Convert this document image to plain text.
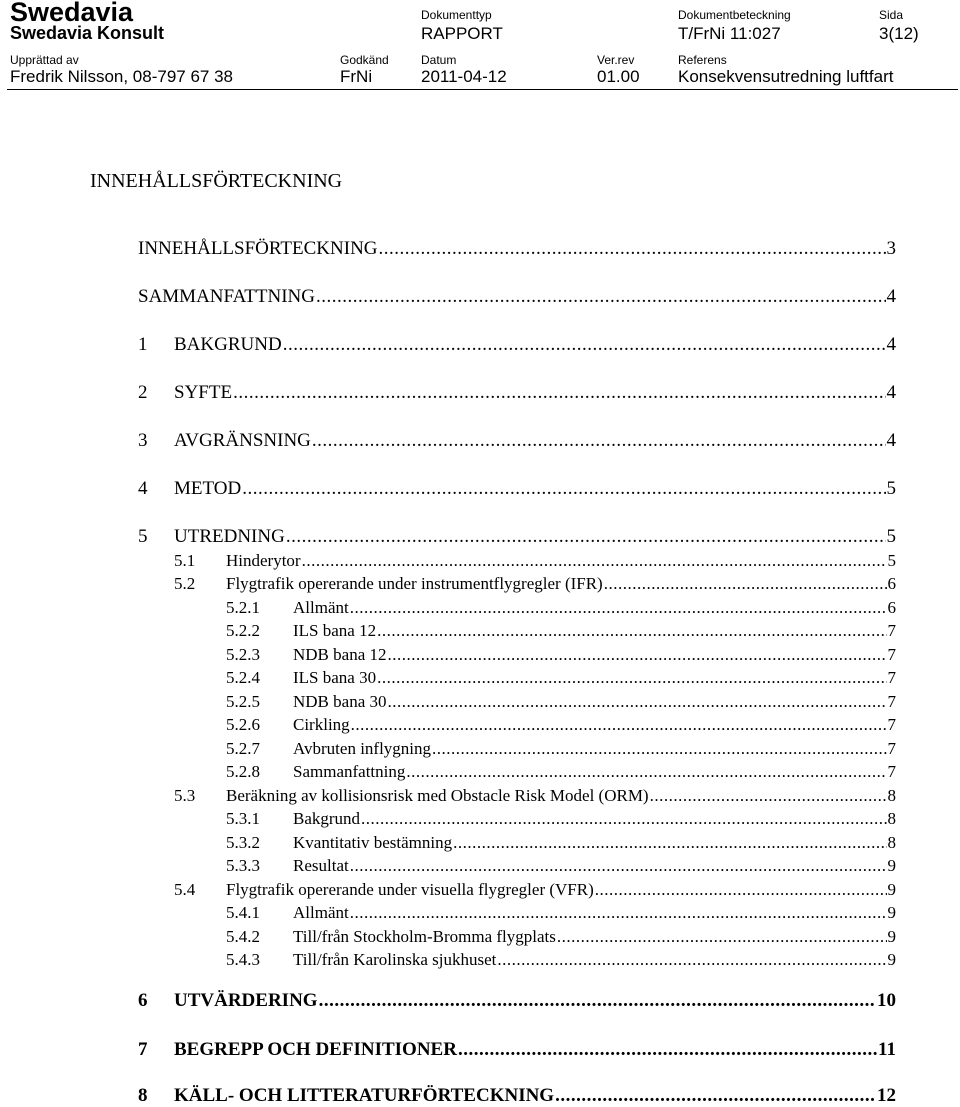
Swedavia
Swedavia Konsult
Dokumenttyp
RAPPORT
Dokumentbeteckning
T/FrNi 11:027
Sida
3(12)
Upprättad av
Fredrik Nilsson, 08-797 67 38
Godkänd
FrNi
Datum
2011-04-12
Ver.rev
01.00
Referens
Konsekvensutredning luftfart
INNEHÅLLSFÖRTECKNING
INNEHÅLLSFÖRTECKNING .....	3
SAMMANFATTNING .....	4
1	BAKGRUND .....	4
2	SYFTE .....	4
3	AVGRÄNSNING .....	4
4	METOD .....	5
5	UTREDNING .....	5
5.1	Hinderytor .....	5
5.2	Flygtrafik opererande under instrumentflygregler (IFR) .....	6
5.2.1	Allmänt .....	6
5.2.2	ILS bana 12 .....	7
5.2.3	NDB bana 12 .....	7
5.2.4	ILS bana 30 .....	7
5.2.5	NDB bana 30 .....	7
5.2.6	Cirkling .....	7
5.2.7	Avbruten inflygning .....	7
5.2.8	Sammanfattning .....	7
5.3	Beräkning av kollisionsrisk med Obstacle Risk Model (ORM) .....	8
5.3.1	Bakgrund .....	8
5.3.2	Kvantitativ bestämning .....	8
5.3.3	Resultat .....	9
5.4	Flygtrafik opererande under visuella flygregler (VFR) .....	9
5.4.1	Allmänt .....	9
5.4.2	Till/från Stockholm-Bromma flygplats .....	9
5.4.3	Till/från Karolinska sjukhuset .....	9
6	UTVÄRDERING .....	10
7	BEGREPP OCH DEFINITIONER .....	11
8	KÄLL- OCH LITTERATURFÖRTECKNING .....	12
